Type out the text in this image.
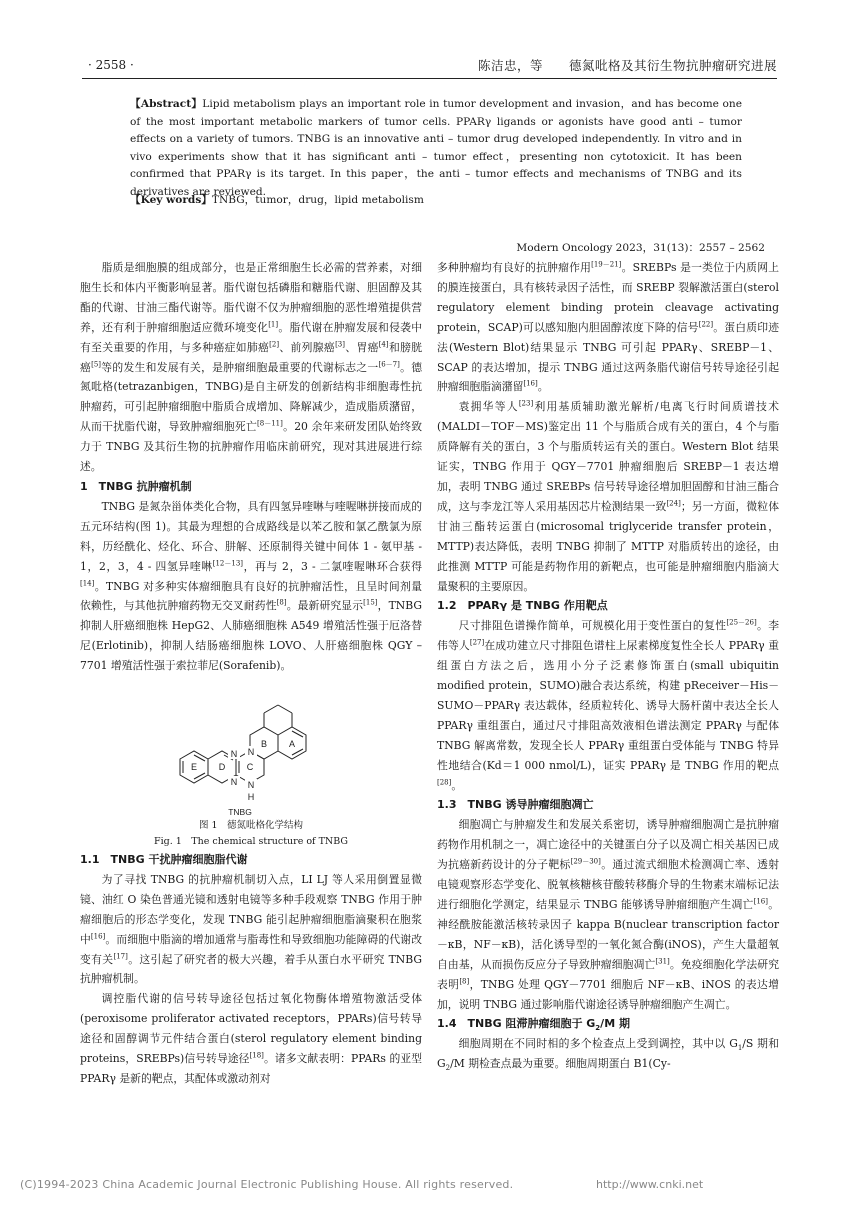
· 2558 ·	陈洁忠，等　　德氮吡格及其衍生物抗肿瘤研究进展
【Abstract】Lipid metabolism plays an important role in tumor development and invasion，and has become one of the most important metabolic markers of tumor cells. PPARγ ligands or agonists have good anti – tumor effects on a variety of tumors. TNBG is an innovative anti – tumor drug developed independently. In vitro and in vivo experiments show that it has significant anti – tumor effect，presenting non cytotoxicit. It has been confirmed that PPARγ is its target. In this paper，the anti – tumor effects and mechanisms of TNBG and its derivatives are reviewed.
【Key words】TNBG，tumor，drug，lipid metabolism
Modern Oncology 2023，31(13)：2557 – 2562

脂质是细胞膜的组成部分，也是正常细胞生长必需的营养素，对细胞生长和体内平衡影响显著。脂代谢包括磷脂和糖脂代谢、胆固醇及其酯的代谢、甘油三酯代谢等。脂代谢不仅为肿瘤细胞的恶性增殖提供营养，还有利于肿瘤细胞适应微环境变化[1]。脂代谢在肿瘤发展和侵袭中有至关重要的作用，与多种癌症如肺癌[2]、前列腺癌[3]、胃癌[4]和膀胱癌[5]等的发生和发展有关，是肿瘤细胞最重要的代谢标志之一[6－7]。德氮吡格(tetrazanbigen，TNBG)是自主研发的创新结构非细胞毒性抗肿瘤药，可引起肿瘤细胞中脂质合成增加、降解减少，造成脂质潴留，从而干扰脂代谢，导致肿瘤细胞死亡[8－11]。20 余年来研发团队始终致力于 TNBG 及其衍生物的抗肿瘤作用临床前研究，现对其进展进行综述。

1　TNBG 抗肿瘤机制

TNBG 是氮杂甾体类化合物，具有四氢异喹啉与喹喔啉拼接而成的五元环结构(图 1)。其最为理想的合成路线是以苯乙胺和氯乙酰氯为原料，历经酰化、烃化、环合、肼解、还原制得关键中间体 1 - 氨甲基 - 1，2，3，4 - 四氢异喹啉[12－13]，再与 2，3 - 二氯喹喔啉环合获得[14]。TNBG 对多种实体瘤细胞具有良好的抗肿瘤活性，且呈时间剂量依赖性，与其他抗肿瘤药物无交叉耐药性[8]。最新研究显示[15]，TNBG 抑制人肝癌细胞株 HepG2、人肺癌细胞株 A549 增殖活性强于厄洛替尼(Erlotinib)，抑制人结肠癌细胞株 LOVO、人肝癌细胞株 QGY – 7701 增殖活性强于索拉菲尼(Sorafenib)。

N
N
N
N
H
E D C
B A
TNBG
图 1　德氮吡格化学结构
Fig. 1　The chemical structure of TNBG

1.1　TNBG 干扰肿瘤细胞脂代谢

为了寻找 TNBG 的抗肿瘤机制切入点，LI LJ 等人采用倒置显微镜、油红 O 染色普通光镜和透射电镜等多种手段观察 TNBG 作用于肿瘤细胞后的形态学变化，发现 TNBG 能引起肿瘤细胞脂滴聚积在胞浆中[16]。而细胞中脂滴的增加通常与脂毒性和导致细胞功能障碍的代谢改变有关[17]。这引起了研究者的极大兴趣，着手从蛋白水平研究 TNBG 抗肿瘤机制。

调控脂代谢的信号转导途径包括过氧化物酶体增殖物激活受体(peroxisome proliferator activated receptors，PPARs)信号转导途径和固醇调节元件结合蛋白(sterol regulatory element binding proteins，SREBPs)信号转导途径[18]。诸多文献表明：PPARs 的亚型 PPARγ 是新的靶点，其配体或激动剂对

多种肿瘤均有良好的抗肿瘤作用[19－21]。SREBPs 是一类位于内质网上的膜连接蛋白，具有核转录因子活性，而 SREBP 裂解激活蛋白(sterol regulatory element binding protein cleavage activating protein，SCAP)可以感知胞内胆固醇浓度下降的信号[22]。蛋白质印迹法(Western Blot)结果显示 TNBG 可引起 PPARγ、SREBP－1、SCAP 的表达增加，提示 TNBG 通过这两条脂代谢信号转导途径引起肿瘤细胞脂滴潴留[16]。

袁拥华等人[23]利用基质辅助激光解析/电离飞行时间质谱技术(MALDI－TOF－MS)鉴定出 11 个与脂质合成有关的蛋白，4 个与脂质降解有关的蛋白，3 个与脂质转运有关的蛋白。Western Blot 结果证实，TNBG 作用于 QGY－7701 肿瘤细胞后 SREBP－1 表达增加，表明 TNBG 通过 SREBPs 信号转导途径增加胆固醇和甘油三酯合成，这与李龙江等人采用基因芯片检测结果一致[24]；另一方面，微粒体甘油三酯转运蛋白(microsomal triglyceride transfer protein，MTTP)表达降低，表明 TNBG 抑制了 MTTP 对脂质转出的途径，由此推测 MTTP 可能是药物作用的新靶点，也可能是肿瘤细胞内脂滴大量聚积的主要原因。

1.2　PPARγ 是 TNBG 作用靶点

尺寸排阻色谱操作简单，可规模化用于变性蛋白的复性[25－26]。李伟等人[27]在成功建立尺寸排阻色谱柱上尿素梯度复性全长人 PPARγ 重组蛋白方法之后，选用小分子泛素修饰蛋白(small ubiquitin modified protein，SUMO)融合表达系统，构建 pReceiver－His－SUMO－PPARγ 表达载体，经质粒转化、诱导大肠杆菌中表达全长人 PPARγ 重组蛋白，通过尺寸排阻高效液相色谱法测定 PPARγ 与配体 TNBG 解离常数，发现全长人 PPARγ 重组蛋白受体能与 TNBG 特异性地结合(Kd＝1 000 nmol/L)，证实 PPARγ 是 TNBG 作用的靶点[28]。

1.3　TNBG 诱导肿瘤细胞凋亡

细胞凋亡与肿瘤发生和发展关系密切，诱导肿瘤细胞凋亡是抗肿瘤药物作用机制之一，凋亡途径中的关键蛋白分子以及凋亡相关基因已成为抗癌新药设计的分子靶标[29－30]。通过流式细胞术检测凋亡率、透射电镜观察形态学变化、脱氧核糖核苷酸转移酶介导的生物素末端标记法进行细胞化学测定，结果显示 TNBG 能够诱导肿瘤细胞产生凋亡[16]。神经酰胺能激活核转录因子 kappa B(nuclear transcription factor－κB，NF－κB)，活化诱导型的一氧化氮合酶(iNOS)，产生大量超氧自由基，从而损伤反应分子导致肿瘤细胞凋亡[31]。免疫细胞化学法研究表明[8]，TNBG 处理 QGY－7701 细胞后 NF－κB、iNOS 的表达增加，说明 TNBG 通过影响脂代谢途径诱导肿瘤细胞产生凋亡。

1.4　TNBG 阻滞肿瘤细胞于 $G_2/M$ 期

细胞周期在不同时相的多个检查点上受到调控，其中以 $G_1/S$ 期和 $G_2/M$ 期检查点最为重要。细胞周期蛋白 B1(Cy-

(C)1994-2023 China Academic Journal Electronic Publishing House. All rights reserved.	http://www.cnki.net
